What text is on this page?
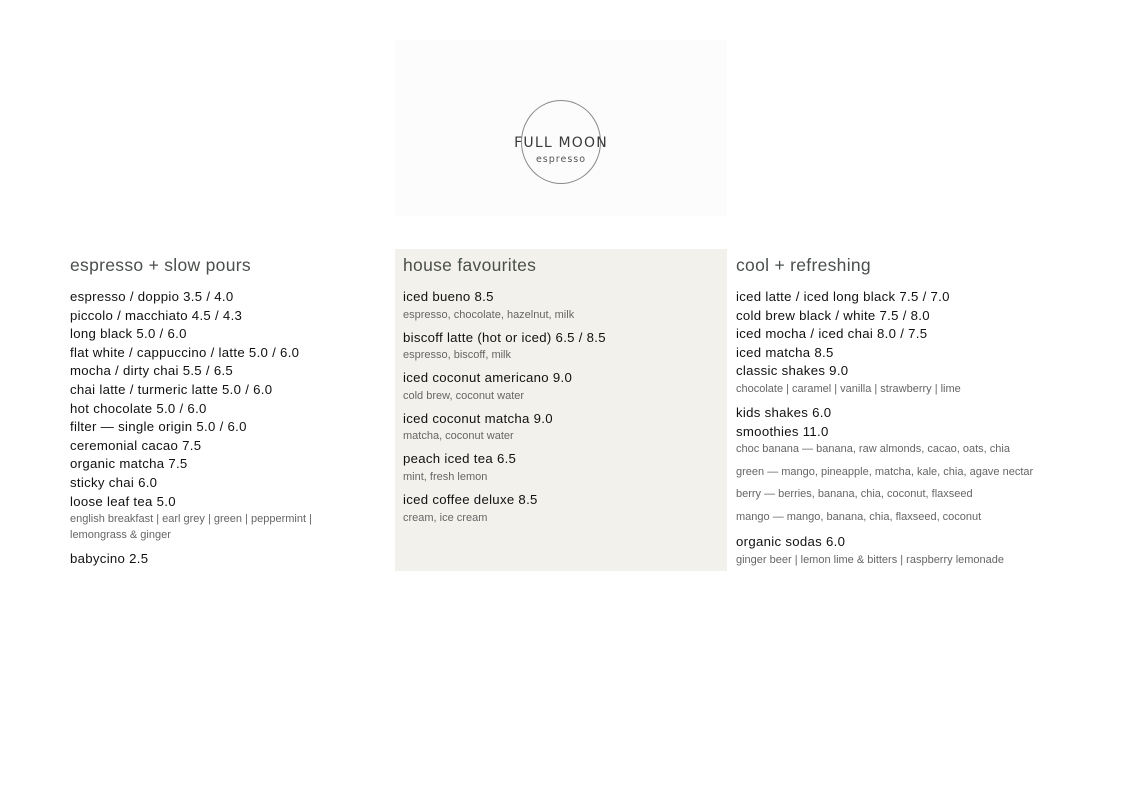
FULL MOON
espresso
espresso + slow pours
espresso / doppio 3.5 / 4.0
piccolo / macchiato 4.5 / 4.3
long black 5.0 / 6.0
flat white / cappuccino / latte 5.0 / 6.0
mocha / dirty chai 5.5 / 6.5
chai latte / turmeric latte 5.0 / 6.0
hot chocolate 5.0 / 6.0
filter — single origin 5.0 / 6.0
ceremonial cacao 7.5
organic matcha 7.5
sticky chai 6.0
loose leaf tea 5.0
english breakfast | earl grey | green | peppermint | lemongrass & ginger
babycino 2.5
house favourites
iced bueno 8.5
espresso, chocolate, hazelnut, milk
biscoff latte (hot or iced) 6.5 / 8.5
espresso, biscoff, milk
iced coconut americano 9.0
cold brew, coconut water
iced coconut matcha 9.0
matcha, coconut water
peach iced tea 6.5
mint, fresh lemon
iced coffee deluxe 8.5
cream, ice cream
cool + refreshing
iced latte / iced long black 7.5 / 7.0
cold brew black / white 7.5 / 8.0
iced mocha / iced chai 8.0 / 7.5
iced matcha 8.5
classic shakes 9.0
chocolate | caramel | vanilla | strawberry | lime
kids shakes 6.0
smoothies 11.0
choc banana — banana, raw almonds, cacao, oats, chia
green — mango, pineapple, matcha, kale, chia, agave nectar
berry — berries, banana, chia, coconut, flaxseed
mango — mango, banana, chia, flaxseed, coconut
organic sodas 6.0
ginger beer | lemon lime & bitters | raspberry lemonade
